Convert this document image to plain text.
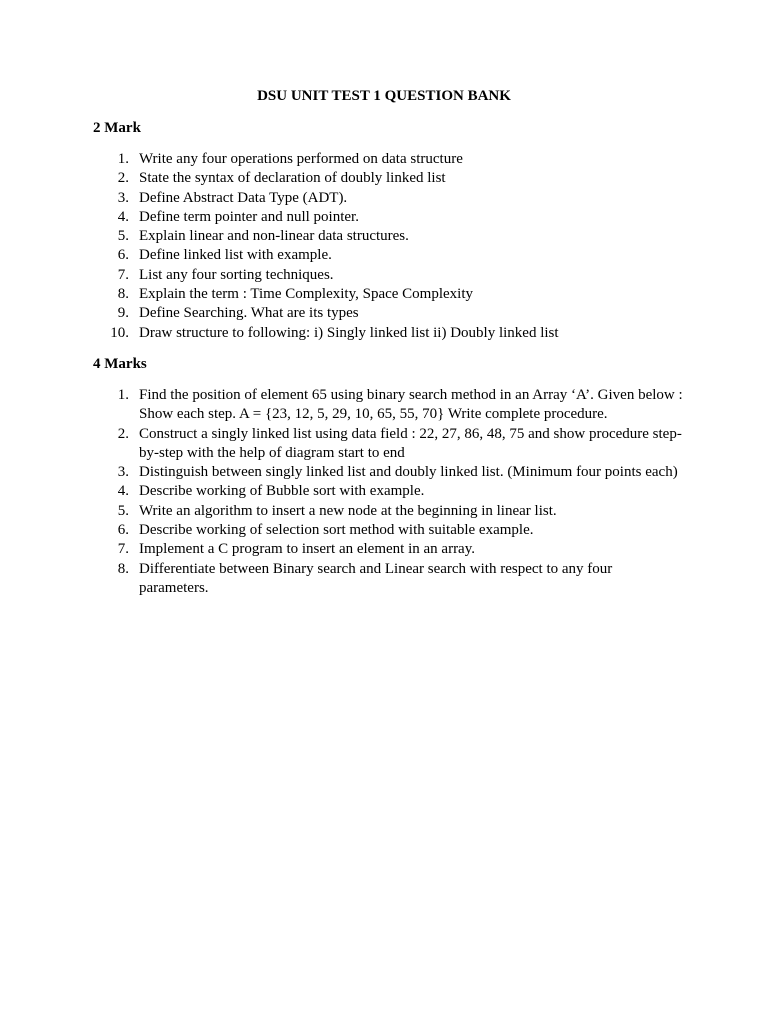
DSU UNIT TEST 1 QUESTION BANK
2 Mark
1. Write any four operations performed on data structure
2. State the syntax of declaration of doubly linked list
3. Define Abstract Data Type (ADT).
4. Define term pointer and null pointer.
5. Explain linear and non-linear data structures.
6. Define linked list with example.
7. List any four sorting techniques.
8. Explain the term : Time Complexity, Space Complexity
9. Define Searching. What are its types
10. Draw structure to following: i) Singly linked list ii) Doubly linked list
4 Marks
1. Find the position of element 65 using binary search method in an Array ‘A’. Given below : Show each step. A = {23, 12, 5, 29, 10, 65, 55, 70} Write complete procedure.
2. Construct a singly linked list using data field : 22, 27, 86, 48, 75 and show procedure step-by-step with the help of diagram start to end
3. Distinguish between singly linked list and doubly linked list. (Minimum four points each)
4. Describe working of Bubble sort with example.
5. Write an algorithm to insert a new node at the beginning in linear list.
6. Describe working of selection sort method with suitable example.
7. Implement a C program to insert an element in an array.
8. Differentiate between Binary search and Linear search with respect to any four parameters.
